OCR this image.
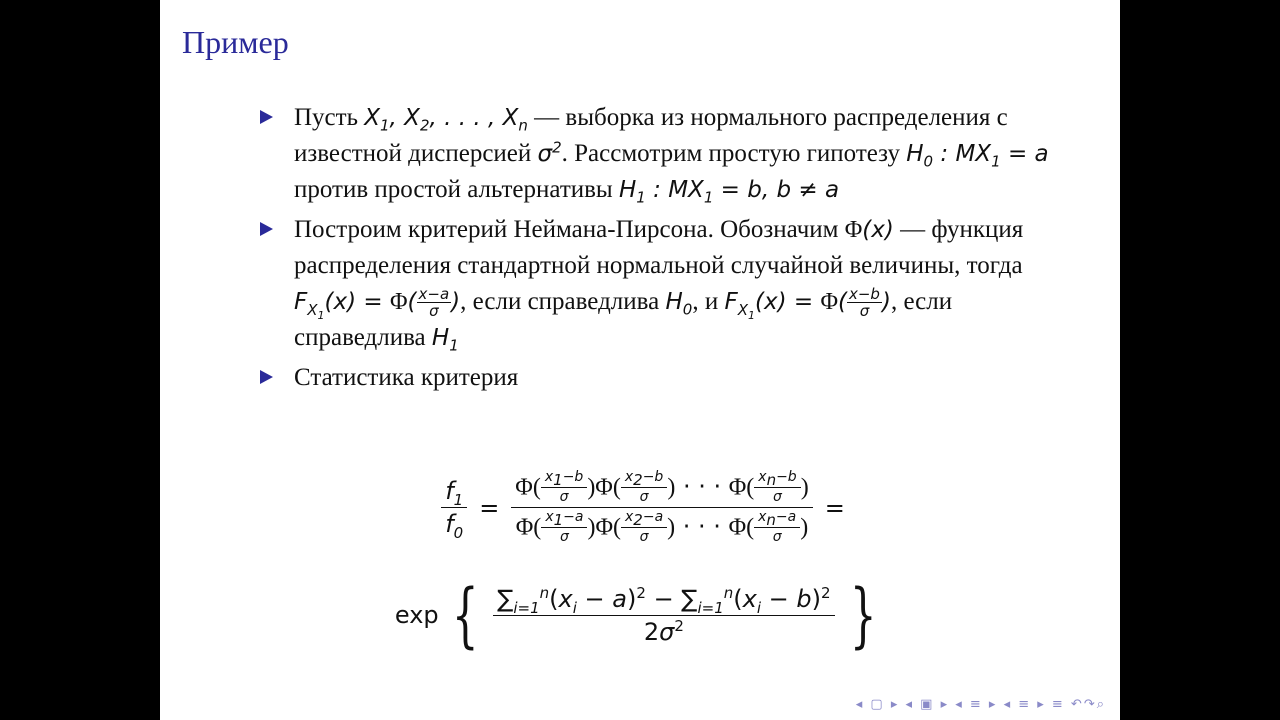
Пример
Пусть $X_1$, $X_2$, . . . , $X_n$ — выборка из нормального распределения с известной дисперсией $\sigma^2$. Рассмотрим простую гипотезу $H_0$ : $MX_1 = a$ против простой альтернативы $H_1$ : $MX_1 = b$, b ≠ a
Построим критерий Неймана-Пирсона. Обозначим Φ(x) — функция распределения стандартной нормальной случайной величины, тогда $F_{X_1}(x) = \Phi( \frac{x-a}{\sigma}$ ), если справедлива $H_0$, и $F_{X_1}(x) = \Phi( \frac{x-b}{\sigma}$ ), если справедлива $H_1$
Статистика критерия
$\frac{f_1}{f_0} = \frac{\Phi( \frac{x_1-b}{\sigma} )\Phi( \frac{x_2-b}{\sigma} ) \cdot \cdot \cdot \Phi( \frac{x_n-b}{\sigma} )}{\Phi( \frac{x_1-a}{\sigma} )\Phi( \frac{x_2-a}{\sigma} ) \cdot \cdot \cdot \Phi( \frac{x_n-a}{\sigma} )}$ =
exp { $\sum_{i=1}^n(x_i - a)^2 - \sum_{i=1}^n(x_i - b)^2$
$2\sigma^2$ }
◂ ▢ ▸ ◂ ▣ ▸ ◂ ≡ ▸ ◂ ≡ ▸ ≡ ↶↷⌕
